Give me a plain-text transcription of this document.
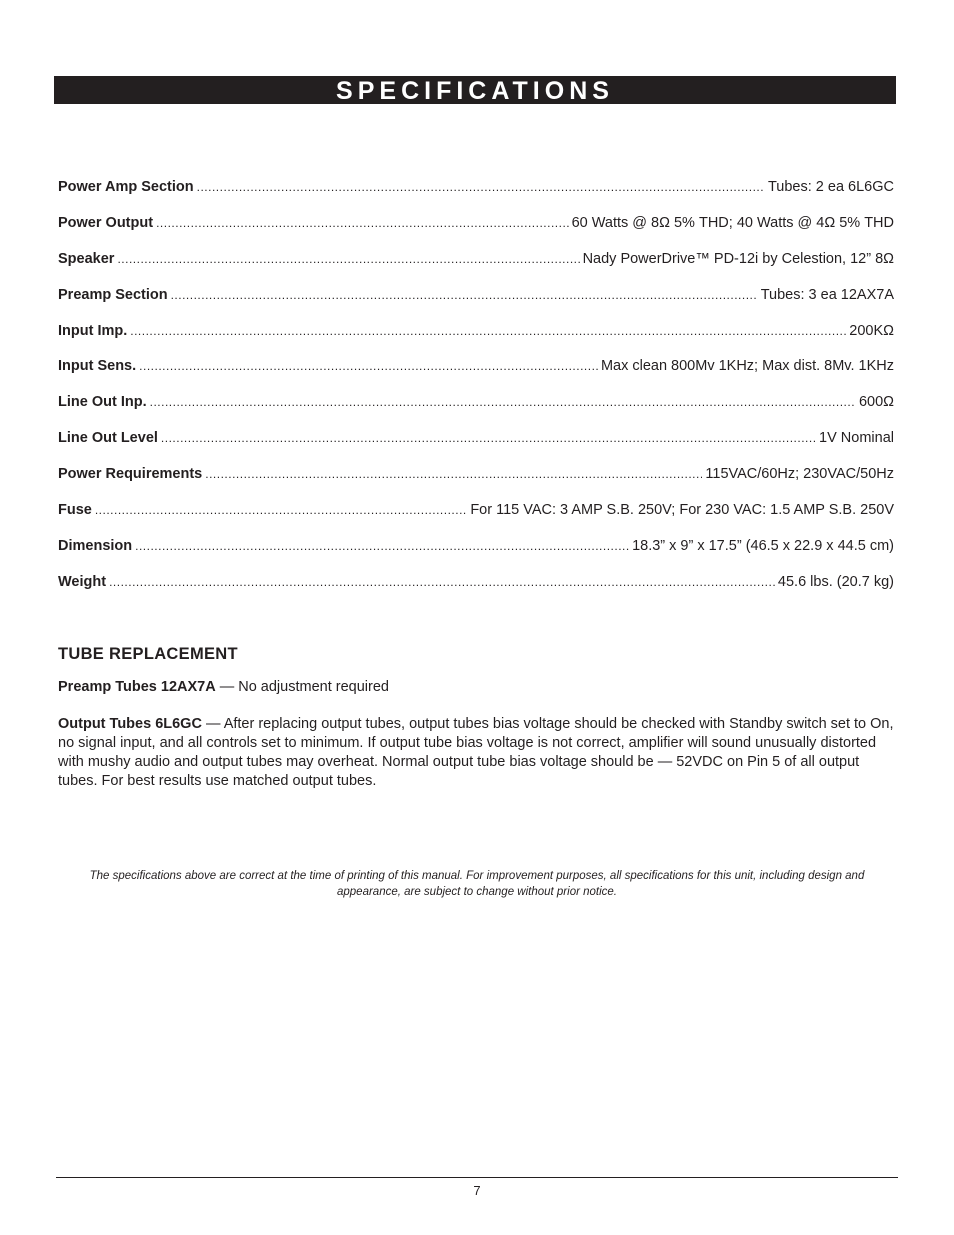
SPECIFICATIONS
Power Amp Section .....	Tubes: 2 ea 6L6GC
Power Output .....	60 Watts @ 8Ω 5% THD; 40 Watts @ 4Ω 5% THD
Speaker .....	Nady PowerDrive™ PD-12i by Celestion, 12” 8Ω
Preamp Section .....	Tubes: 3 ea 12AX7A
Input Imp. .....	200KΩ
Input Sens. .....	Max clean 800Mv 1KHz; Max dist. 8Mv. 1KHz
Line Out Inp. .....	600Ω
Line Out Level .....	1V Nominal
Power Requirements .....	115VAC/60Hz; 230VAC/50Hz
Fuse .....	For 115 VAC: 3 AMP S.B. 250V; For 230 VAC: 1.5 AMP S.B. 250V
Dimension .....	18.3” x 9” x 17.5” (46.5 x 22.9 x 44.5 cm)
Weight .....	45.6 lbs. (20.7 kg)
TUBE REPLACEMENT

Preamp Tubes 12AX7A — No adjustment required

Output Tubes 6L6GC — After replacing output tubes, output tubes bias voltage should be checked with Standby switch set to On, no signal input, and all controls set to minimum. If output tube bias voltage is not correct, amplifier will sound unusually distorted with mushy audio and output tubes may overheat. Normal output tube bias voltage should be — 52VDC on Pin 5 of all output tubes. For best results use matched output tubes.

The specifications above are correct at the time of printing of this manual. For improvement purposes, all specifications for this unit, including design and appearance, are subject to change without prior notice.

7
